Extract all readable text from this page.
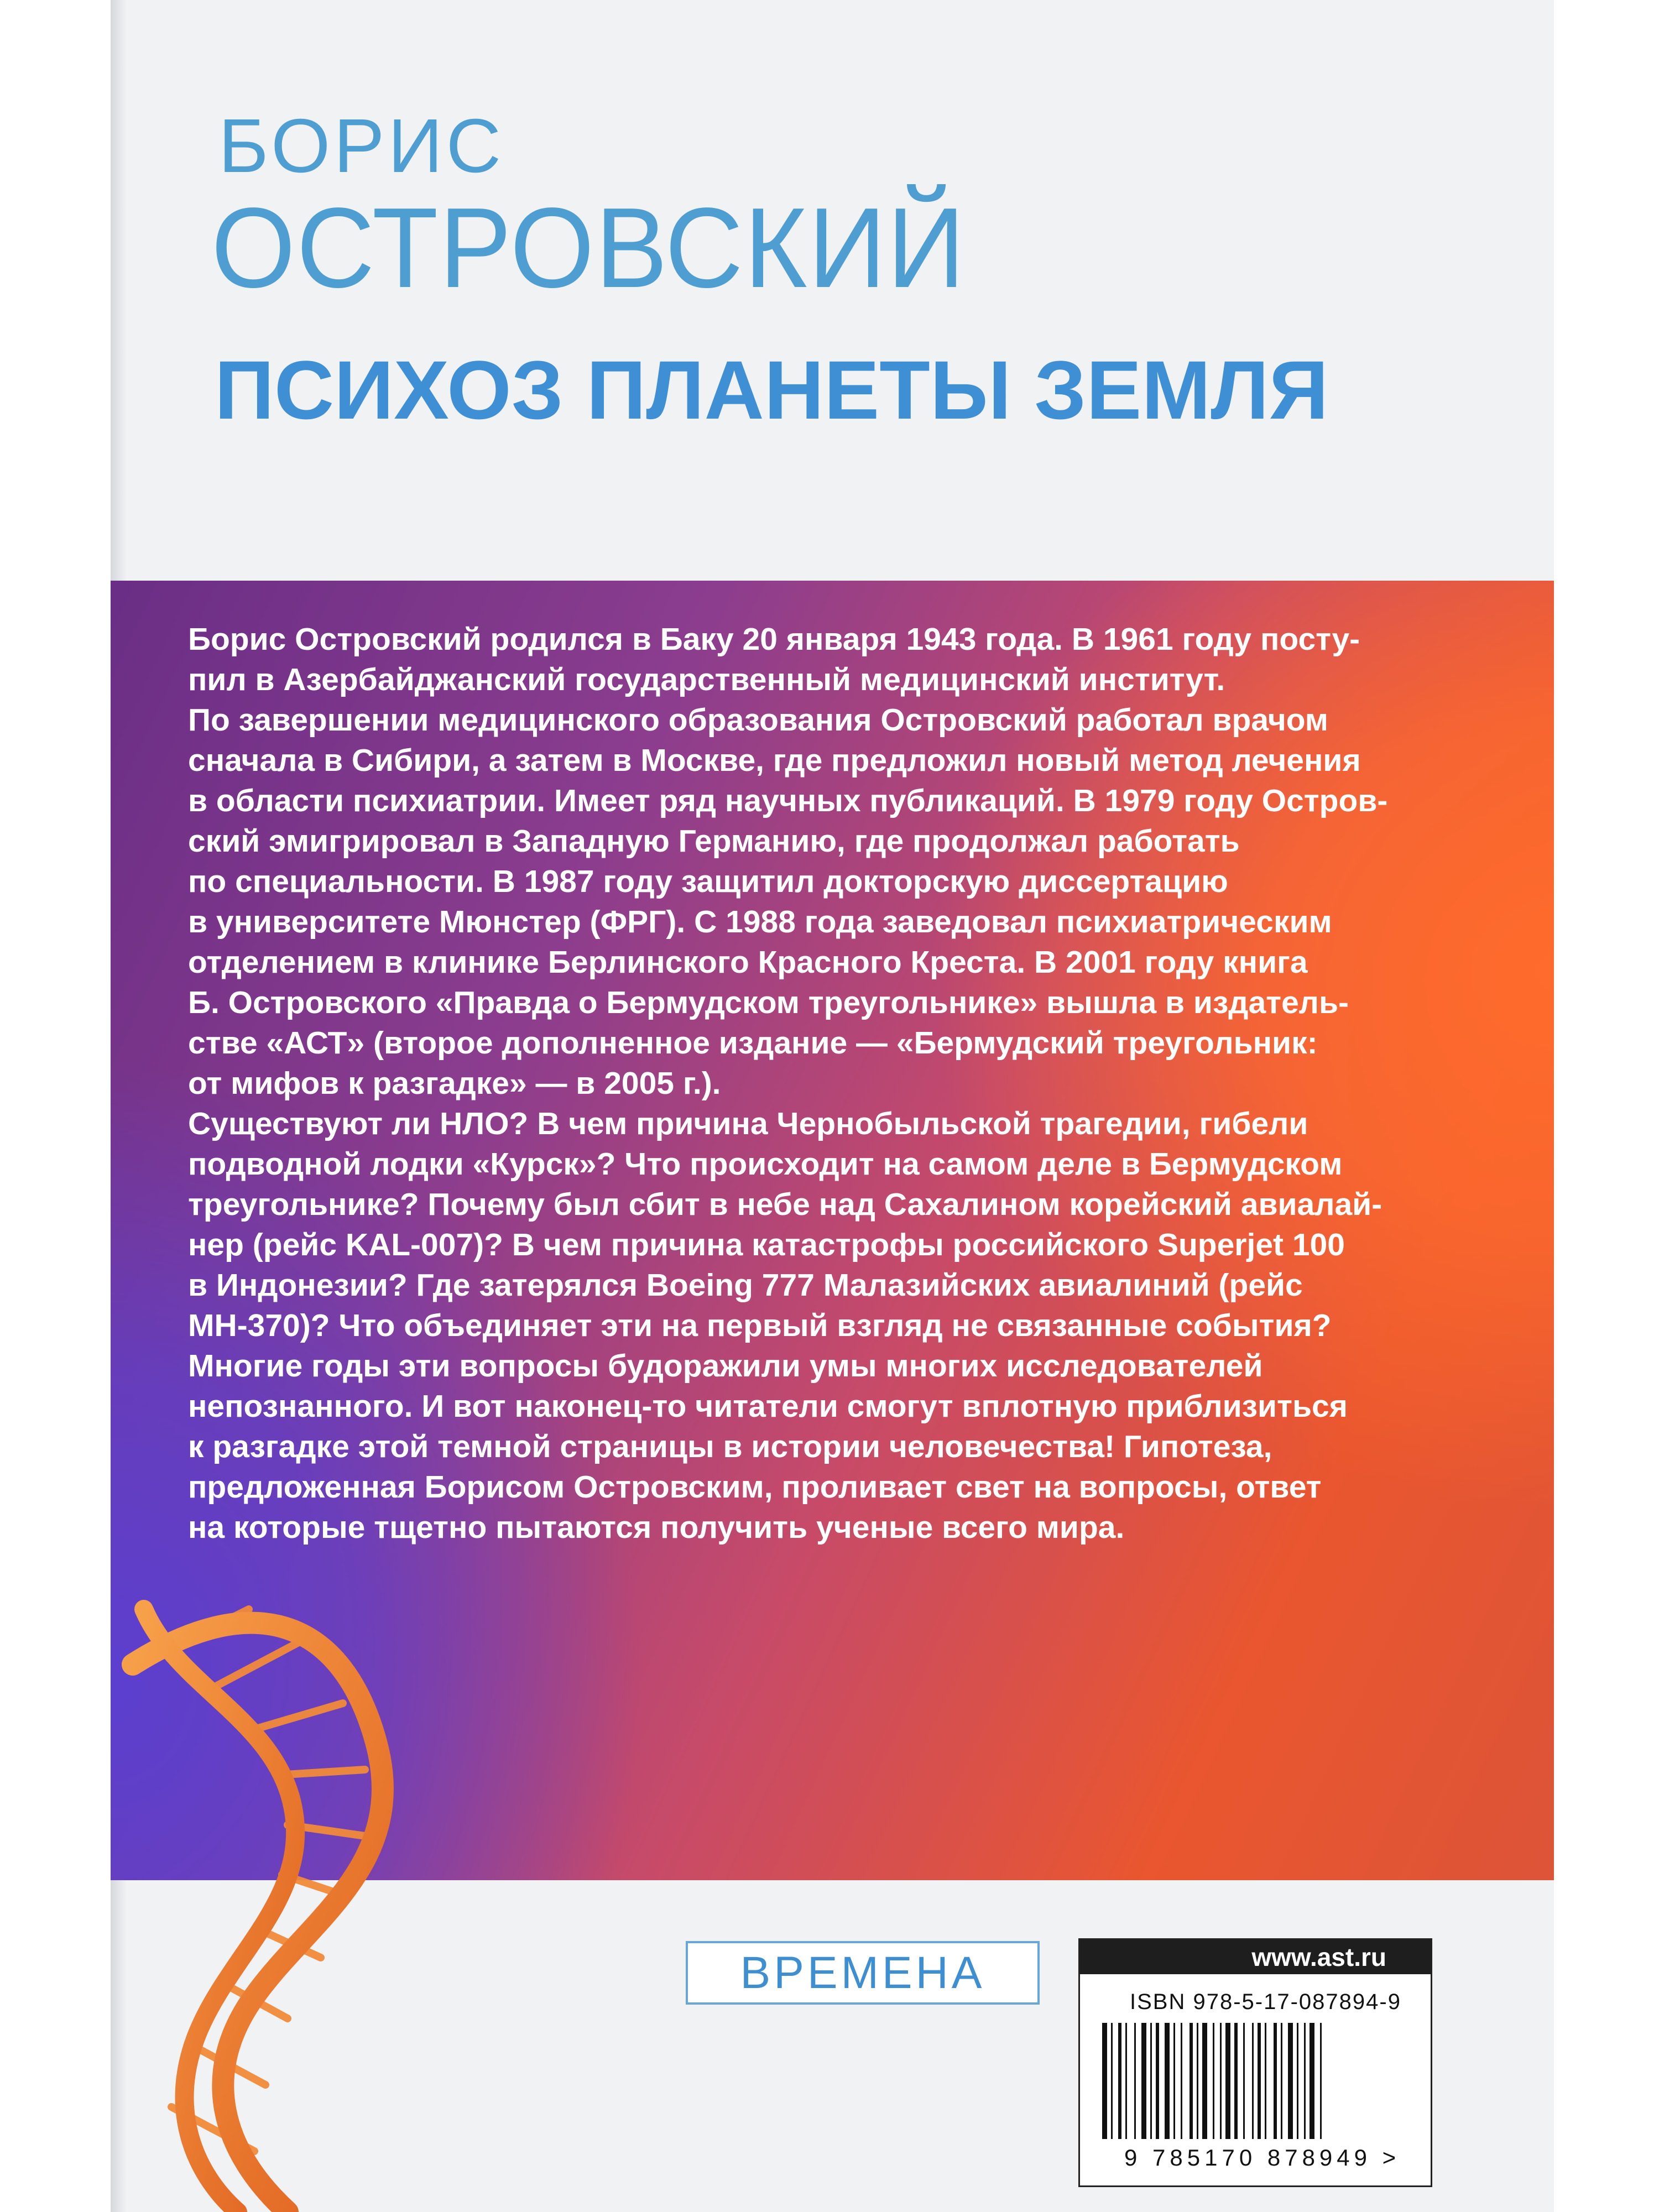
БОРИС
ОСТРОВСКИЙ
ПСИХОЗ ПЛАНЕТЫ ЗЕМЛЯ

Борис Островский родился в Баку 20 января 1943 года. В 1961 году посту-
пил в Азербайджанский государственный медицинский институт.

По завершении медицинского образования Островский работал врачом
сначала в Сибири, а затем в Москве, где предложил новый метод лечения
в области психиатрии. Имеет ряд научных публикаций. В 1979 году Остров-
ский эмигрировал в Западную Германию, где продолжал работать
по специальности. В 1987 году защитил докторскую диссертацию
в университете Мюнстер (ФРГ). С 1988 года заведовал психиатрическим
отделением в клинике Берлинского Красного Креста. В 2001 году книга
Б. Островского «Правда о Бермудском треугольнике» вышла в издатель-
стве «АСТ» (второе дополненное издание — «Бермудский треугольник:
от мифов к разгадке» — в 2005 г.).

Существуют ли НЛО? В чем причина Чернобыльской трагедии, гибели
подводной лодки «Курск»? Что происходит на самом деле в Бермудском
треугольнике? Почему был сбит в небе над Сахалином корейский авиалай-
нер (рейс KAL-007)? В чем причина катастрофы российского Superjet 100
в Индонезии? Где затерялся Boeing 777 Малазийских авиалиний (рейс
MH-370)? Что объединяет эти на первый взгляд не связанные события?
Многие годы эти вопросы будоражили умы многих исследователей
непознанного. И вот наконец-то читатели смогут вплотную приблизиться
к разгадке этой темной страницы в истории человечества! Гипотеза,
предложенная Борисом Островским, проливает свет на вопросы, ответ
на которые тщетно пытаются получить ученые всего мира.

ВРЕМЕНА	www.ast.ru
ISBN 978-5-17-087894-9
9 785170 878949 >
